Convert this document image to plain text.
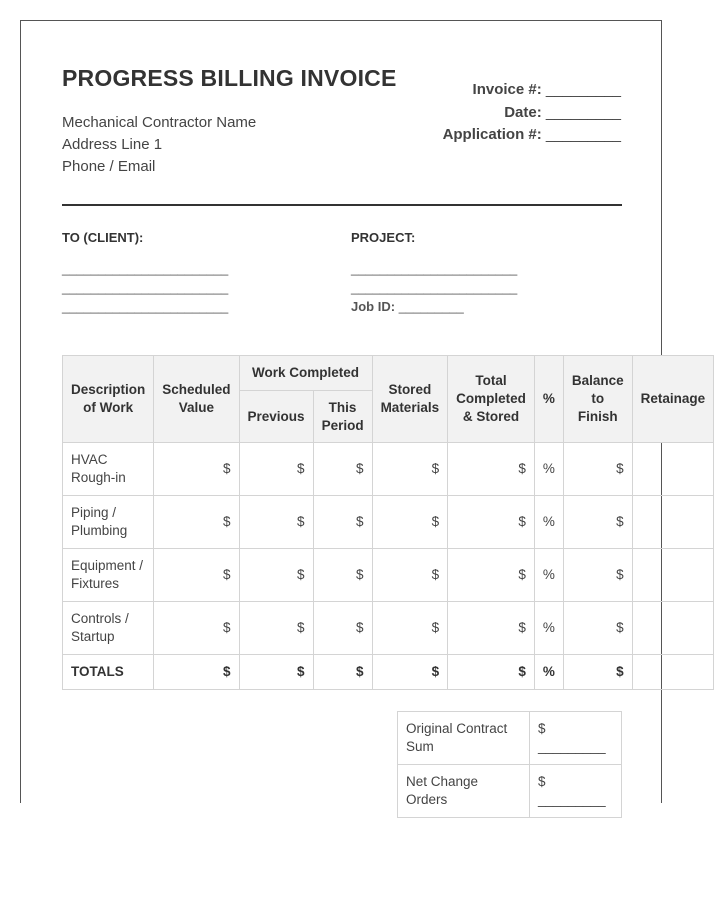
PROGRESS BILLING INVOICE
Mechanical Contractor Name
Address Line 1
Phone / Email
Invoice #: _________
Date: _________
Application #: _________
TO (CLIENT):
_______________________
_______________________
_______________________
PROJECT:
_______________________
_______________________
Job ID: _________
Description of Work	Scheduled Value	Work Completed		Stored Materials	Total Completed & Stored	%	Balance to Finish	Retainage
		Previous	This Period					
HVAC Rough-in	$	$	$	$	$	%	$	
Piping / Plumbing	$	$	$	$	$	%	$	
Equipment / Fixtures	$	$	$	$	$	%	$	
Controls / Startup	$	$	$	$	$	%	$	
TOTALS	$	$	$	$	$	%	$	
Original Contract Sum	$ _________
Net Change Orders	$ _________
